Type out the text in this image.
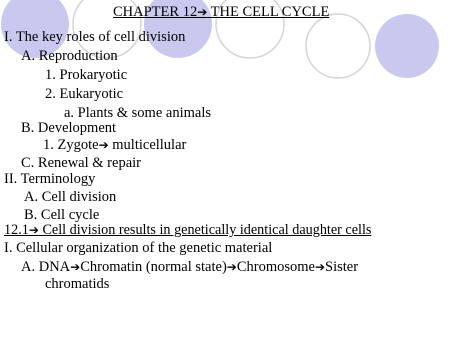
CHAPTER 12➔ THE CELL CYCLE
I. The key roles of cell division
A. Reproduction
1. Prokaryotic
2. Eukaryotic
a. Plants & some animals
B. Development
1. Zygote➔ multicellular
C. Renewal & repair
II. Terminology
A. Cell division
B. Cell cycle
12.1➔ Cell division results in genetically identical daughter cells
I. Cellular organization of the genetic material
A. DNA➔Chromatin (normal state)➔Chromosome➔Sister
chromatids
